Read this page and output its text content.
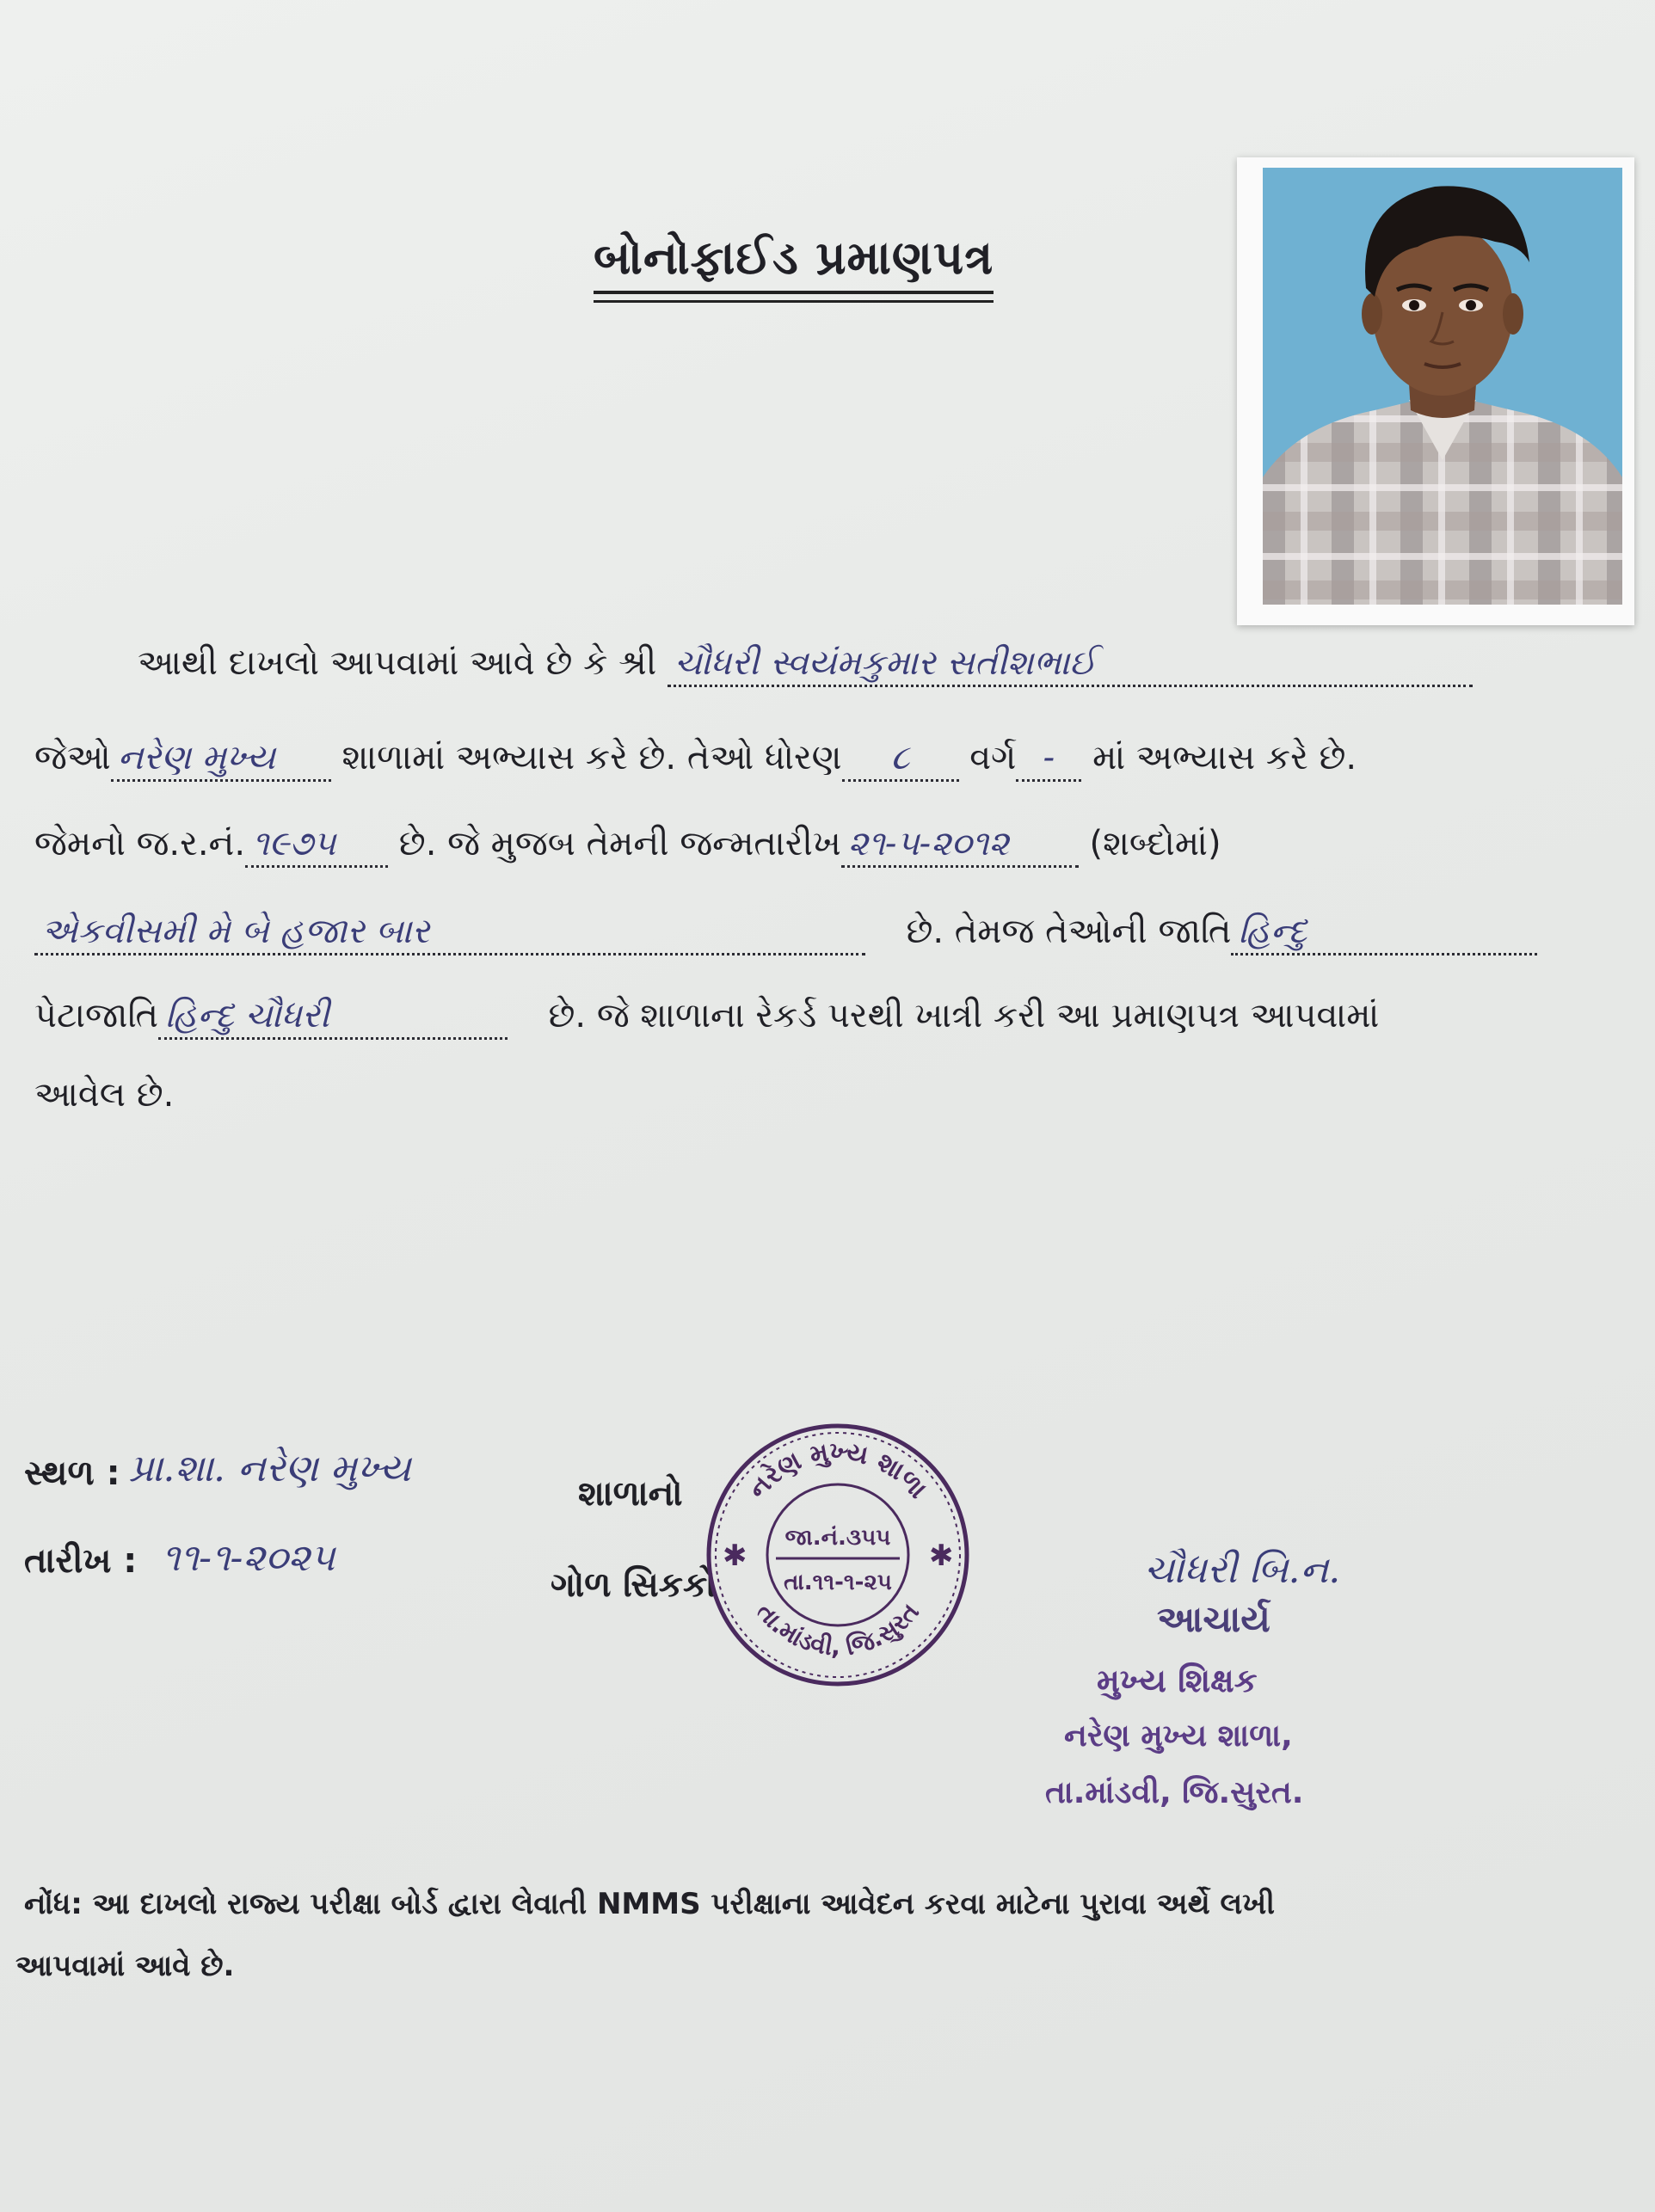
બોનોફાઈડ પ્રમાણપત્ર
આથી દાખલો આપવામાં આવે છે કે શ્રી ચૌધરી સ્વયંમકુમાર સતીશભાઈ
જેઓ નરેણ મુખ્ય શાળામાં અભ્યાસ કરે છે. તેઓ ધોરણ ૮ વર્ગ - માં અભ્યાસ કરે છે.
જેમનો જ.ર.નં. ૧૯૭૫ છે. જે મુજબ તેમની જન્મતારીખ ૨૧-૫-૨૦૧૨ (શબ્દોમાં)
એકવીસમી મે બે હજાર બાર	છે. તેમજ તેઓની જાતિ હિન્દુ
પેટાજાતિ હિન્દુ ચૌધરી	છે. જે શાળાના રેકર્ડ પરથી ખાત્રી કરી આ પ્રમાણપત્ર આપવામાં
આવેલ છે.
સ્થળ : પ્રા.શા. નરેણ મુખ્ય
તારીખ : ૧૧-૧-૨૦૨૫
શાળાનો
ગોળ સિકકો
નરેણ મુખ્ય શાળા
તા.માંડવી, જિ.સુરત
✱	✱
જા.નં.૩૫૫
તા.૧૧-૧-૨૫	ચૌધરી બિ.ન.
આચાર્ય
મુખ્ય શિક્ષક
નરેણ મુખ્ય શાળા,
તા.માંડવી, જિ.સુરત.
નોંધ: આ દાખલો રાજ્ય પરીક્ષા બોર્ડ દ્વારા લેવાતી NMMS પરીક્ષાના આવેદન કરવા માટેના પુરાવા અર્થે લખી
આપવામાં આવે છે.
